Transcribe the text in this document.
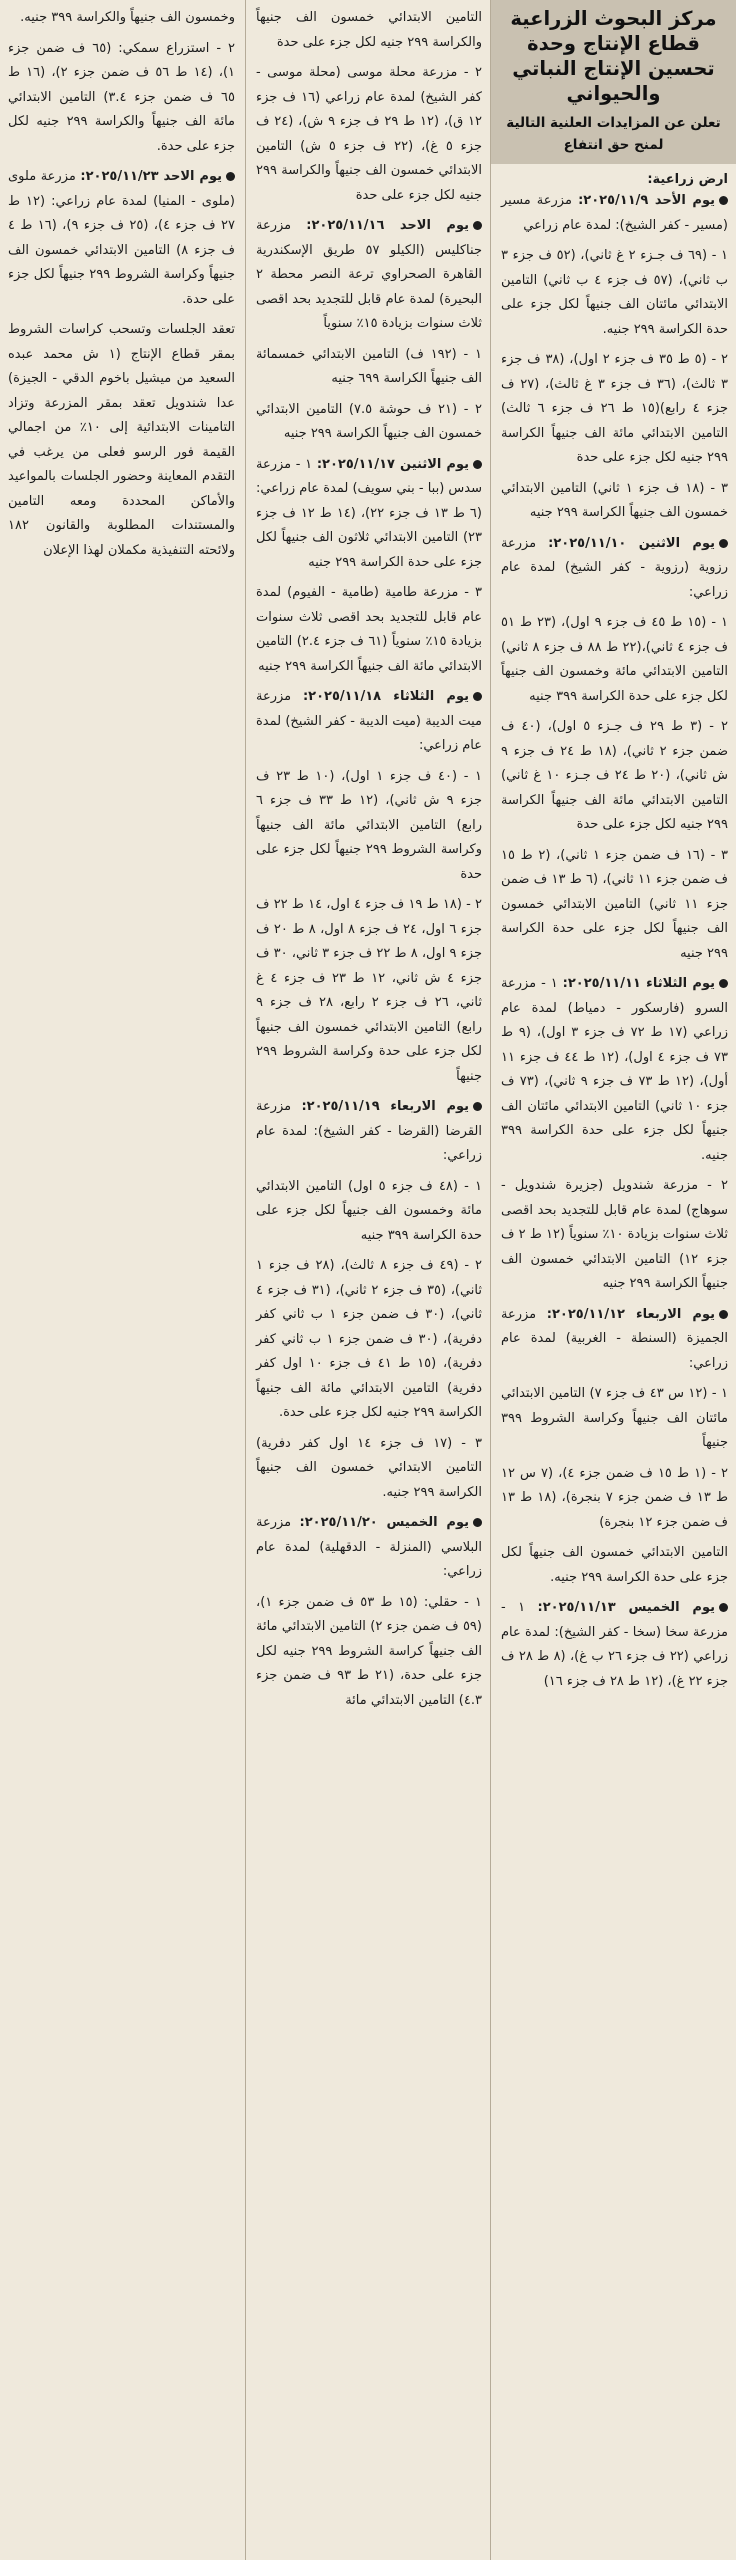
مركز البحوث الزراعية قطاع الإنتاج وحدة تحسين الإنتاج النباتي والحيواني
تعلن عن المزايدات العلنية التالية لمنح حق انتفاع
ارض زراعية:

يوم الأحد ٢٠٢٥/١١/٩: مزرعة مسير (مسير - كفر الشيخ): لمدة عام زراعي

١ - (٦٩ ف جـزء ٢ غ ثاني)، (٥٢ ف جزء ٣ ب ثاني)، (٥٧ ف جزء ٤ ب ثاني) التامين الابتدائي مائتان الف جنيهاً لكل جزء على حدة الكراسة ٢٩٩ جنيه.

٢ - (٥ ط ٣٥ ف جزء ٢ اول)، (٣٨ ف جزء ٣ ثالث)، (٣٦ ف جزء ٣ غ ثالث)، (٢٧ ف جزء ٤ رابع)(١٥ ط ٢٦ ف جزء ٦ ثالث) التامين الابتدائي مائة الف جنيهاً الكراسة ٢٩٩ جنيه لكل جزء على حدة

٣ - (١٨ ف جزء ١ ثاني) التامين الابتدائي خمسون الف جنيهاً الكراسة ٢٩٩ جنيه

يوم الاثنين ٢٠٢٥/١١/١٠: مزرعة رزوية (رزوية - كفر الشيخ) لمدة عام زراعي:

١ - (١٥ ط ٤٥ ف جزء ٩ اول)، (٢٣ ط ٥١ ف جزء ٤ ثاني)،(٢٢ ط ٨٨ ف جزء ٨ ثاني) التامين الابتدائي مائة وخمسون الف جنيهاً لكل جزء على حدة الكراسة ٣٩٩ جنيه

٢ - (٣ ط ٢٩ ف جـزء ٥ اول)، (٤٠ ف ضمن جزء ٢ ثاني)، (١٨ ط ٢٤ ف جزء ٩ ش ثاني)، (٢٠ ط ٢٤ ف جـزء ١٠ غ ثاني) التامين الابتدائي مائة الف جنيهاً الكراسة ٢٩٩ جنيه لكل جزء على حدة

٣ - (١٦ ف ضمن جزء ١ ثاني)، (٢ ط ١٥ ف ضمن جزء ١١ ثاني)، (٦ ط ١٣ ف ضمن جزء ١١ ثاني) التامين الابتدائي خمسون الف جنيهاً لكل جزء على حدة الكراسة ٢٩٩ جنيه

يوم الثلاثاء ٢٠٢٥/١١/١١: ١ - مزرعة السرو (فارسكور - دمياط) لمدة عام زراعي (١٧ ط ٧٢ ف جزء ٣ اول)، (٩ ط ٧٣ ف جزء ٤ اول)، (١٢ ط ٤٤ ف جزء ١١ أول)، (١٢ ط ٧٣ ف جزء ٩ ثاني)، (٧٣ ف جزء ١٠ ثاني) التامين الابتدائي مائتان الف جنيهاً لكل جزء على حدة الكراسة ٣٩٩ جنيه.

٢ - مزرعة شندويل (جزيرة شندويل - سوهاج) لمدة عام قابل للتجديد بحد اقصى ثلاث سنوات بزيادة ١٠٪ سنوياً (١٢ ط ٢ ف جزء ١٢) التامين الابتدائي خمسون الف جنيهاً الكراسة ٢٩٩ جنيه

يوم الاربعاء ٢٠٢٥/١١/١٢: مزرعة الجميزة (السنطة - الغربية) لمدة عام زراعي:

١ - (١٢ س ٤٣ ف جزء ٧) التامين الابتدائي مائتان الف جنيهاً وكراسة الشروط ٣٩٩ جنيهاً

٢ - (١ ط ١٥ ف ضمن جزء ٤)، (٧ س ١٢ ط ١٣ ف ضمن جزء ٧ بنجرة)، (١٨ ط ١٣ ف ضمن جزء ١٢ بنجرة)

التامين الابتدائي خمسون الف جنيهاً لكل جزء على حدة الكراسة ٢٩٩ جنيه.

يوم الخميس ٢٠٢٥/١١/١٣: ١ - مزرعة سخا (سخا - كفر الشيخ): لمدة عام زراعي (٢٢ ف جزء ٢٦ ب غ)، (٨ ط ٢٨ ف جزء ٢٢ غ)، (١٢ ط ٢٨ ف جزء ١٦)

التامين الابتدائي خمسون الف جنيهاً والكراسة ٢٩٩ جنيه لكل جزء على حدة

٢ - مزرعة محلة موسى (محلة موسى - كفر الشيخ) لمدة عام زراعي (١٦ ف جزء ١٢ ق)، (١٢ ط ٢٩ ف جزء ٩ ش)، (٢٤ ف جزء ٥ غ)، (٢٢ ف جزء ٥ ش) التامين الابتدائي خمسون الف جنيهاً والكراسة ٢٩٩ جنيه لكل جزء على حدة

يوم الاحد ٢٠٢٥/١١/١٦: مزرعة جناكليس (الكيلو ٥٧ طريق الإسكندرية القاهرة الصحراوي ترعة النصر محطة ٢ البحيرة) لمدة عام قابل للتجديد بحد اقصى ثلاث سنوات بزيادة ١٥٪ سنوياً

١ - (١٩٢ ف) التامين الابتدائي خمسمائة الف جنيهاً الكراسة ٦٩٩ جنيه

٢ - (٢١ ف حوشة ٧.٥) التامين الابتدائي خمسون الف جنيهاً الكراسة ٢٩٩ جنيه

يوم الاثنين ٢٠٢٥/١١/١٧: ١ - مزرعة سدس (ببا - بني سويف) لمدة عام زراعي: (٦ ط ١٣ ف جزء ٢٢)، (١٤ ط ١٢ ف جزء ٢٣) التامين الابتدائي ثلاثون الف جنيهاً لكل جزء على حدة الكراسة ٢٩٩ جنيه

٣ - مزرعة طامية (طامية - الفيوم) لمدة عام قابل للتجديد بحد اقصى ثلاث سنوات بزيادة ١٥٪ سنوياً (٦١ ف جزء ٢.٤) التامين الابتدائي مائة الف جنيهاً الكراسة ٢٩٩ جنيه

يوم الثلاثاء ٢٠٢٥/١١/١٨: مزرعة ميت الديبة (ميت الديبة - كفر الشيخ) لمدة عام زراعي:

١ - (٤٠ ف جزء ١ اول)، (١٠ ط ٢٣ ف جزء ٩ ش ثاني)، (١٢ ط ٣٣ ف جزء ٦ رابع) التامين الابتدائي مائة الف جنيهاً وكراسة الشروط ٢٩٩ جنيهاً لكل جزء على حدة

٢ - (١٨ ط ١٩ ف جزء ٤ اول، ١٤ ط ٢٢ ف جزء ٦ اول، ٢٤ ف جزء ٨ اول، ٨ ط ٢٠ ف جزء ٩ اول، ٨ ط ٢٢ ف جزء ٣ ثاني، ٣٠ ف جزء ٤ ش ثاني، ١٢ ط ٢٣ ف جزء ٤ غ ثاني، ٢٦ ف جزء ٢ رابع، ٢٨ ف جزء ٩ رابع) التامين الابتدائي خمسون الف جنيهاً لكل جزء على حدة وكراسة الشروط ٢٩٩ جنيهاً

يوم الاربعاء ٢٠٢٥/١١/١٩: مزرعة القرضا (القرضا - كفر الشيخ): لمدة عام زراعي:

١ - (٤٨ ف جزء ٥ اول) التامين الابتدائي مائة وخمسون الف جنيهاً لكل جزء على حدة الكراسة ٣٩٩ جنيه

٢ - (٤٩ ف جزء ٨ ثالث)، (٢٨ ف جزء ١ ثاني)، (٣٥ ف جزء ٢ ثاني)، (٣١ ف جزء ٤ ثاني)، (٣٠ ف ضمن جزء ١ ب ثاني كفر دفرية)، (٣٠ ف ضمن جزء ١ ب ثاني كفر دفرية)، (١٥ ط ٤١ ف جزء ١٠ اول كفر دفرية) التامين الابتدائي مائة الف جنيهاً الكراسة ٢٩٩ جنيه لكل جزء على حدة.

٣ - (١٧ ف جزء ١٤ اول كفر دفرية) التامين الابتدائي خمسون الف جنيهاً الكراسة ٢٩٩ جنيه.

يوم الخميس ٢٠٢٥/١١/٢٠: مزرعة البلاسي (المنزلة - الدقهلية) لمدة عام زراعي:

١ - حقلي: (١٥ ط ٥٣ ف ضمن جزء ١)، (٥٩ ف ضمن جزء ٢) التامين الابتدائي مائة الف جنيهاً كراسة الشروط ٢٩٩ جنيه لكل جزء على حدة، (٢١ ط ٩٣ ف ضمن جزء ٤.٣) التامين الابتدائي مائة

وخمسون الف جنيهاً والكراسة ٣٩٩ جنيه.

٢ - استزراع سمكي: (٦٥ ف ضمن جزء ١)، (١٤ ط ٥٦ ف ضمن جزء ٢)، (١٦ ط ٦٥ ف ضمن جزء ٣.٤) التامين الابتدائي مائة الف جنيهاً والكراسة ٢٩٩ جنيه لكل جزء على حدة.

يوم الاحد ٢٠٢٥/١١/٢٣: مزرعة ملوى (ملوى - المنيا) لمدة عام زراعي: (١٢ ط ٢٧ ف جزء ٤)، (٢٥ ف جزء ٩)، (١٦ ط ٤ ف جزء ٨) التامين الابتدائي خمسون الف جنيهاً وكراسة الشروط ٢٩٩ جنيهاً لكل جزء على حدة.

تعقد الجلسات وتسحب كراسات الشروط بمقر قطاع الإنتاج (١ ش محمد عبده السعيد من ميشيل باخوم الدقي - الجيزة) عدا شندويل تعقد بمقر المزرعة وتزاد التامينات الابتدائية إلى ١٠٪ من اجمالي القيمة فور الرسو فعلى من يرغب في التقدم المعاينة وحضور الجلسات بالمواعيد والأماكن المحددة ومعه التامين والمستندات المطلوبة والقانون ١٨٢ ولائحته التنفيذية مكملان لهذا الإعلان
